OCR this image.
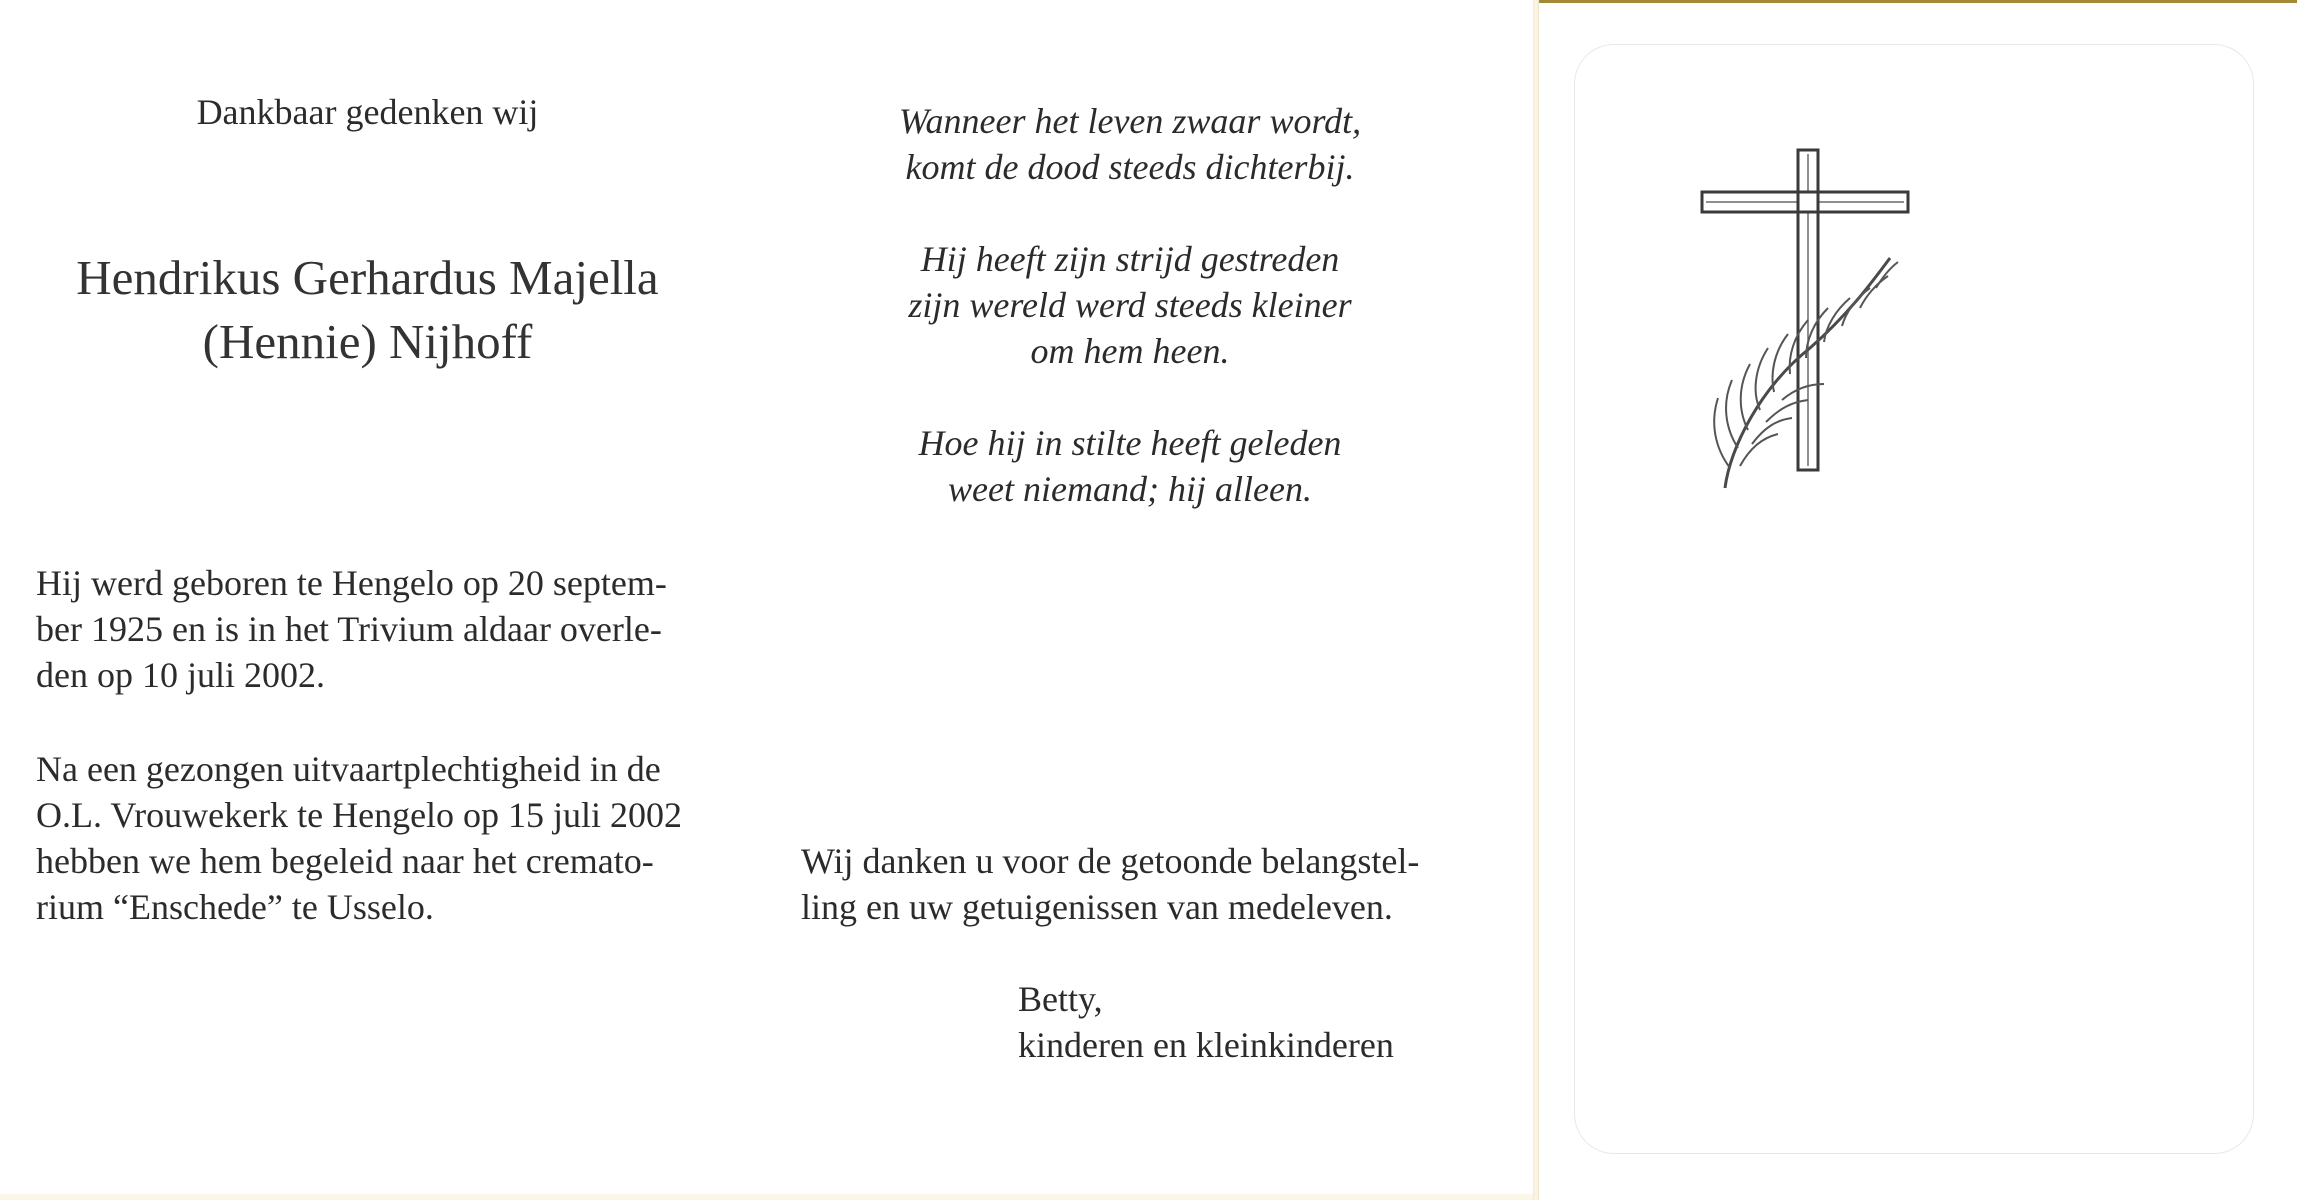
Dankbaar gedenken wij

Hendrikus Gerhardus Majella
(Hennie) Nijhoff

Hij werd geboren te Hengelo op 20 septem-
ber 1925 en is in het Trivium aldaar overle-
den op 10 juli 2002.

Na een gezongen uitvaartplechtigheid in de
O.L. Vrouwekerk te Hengelo op 15 juli 2002
hebben we hem begeleid naar het cremato-
rium “Enschede” te Usselo.

Wanneer het leven zwaar wordt,
komt de dood steeds dichterbij.

Hij heeft zijn strijd gestreden
zijn wereld werd steeds kleiner
om hem heen.

Hoe hij in stilte heeft geleden
weet niemand; hij alleen.

Wij danken u voor de getoonde belangstel-
ling en uw getuigenissen van medeleven.

Betty,
kinderen en kleinkinderen
